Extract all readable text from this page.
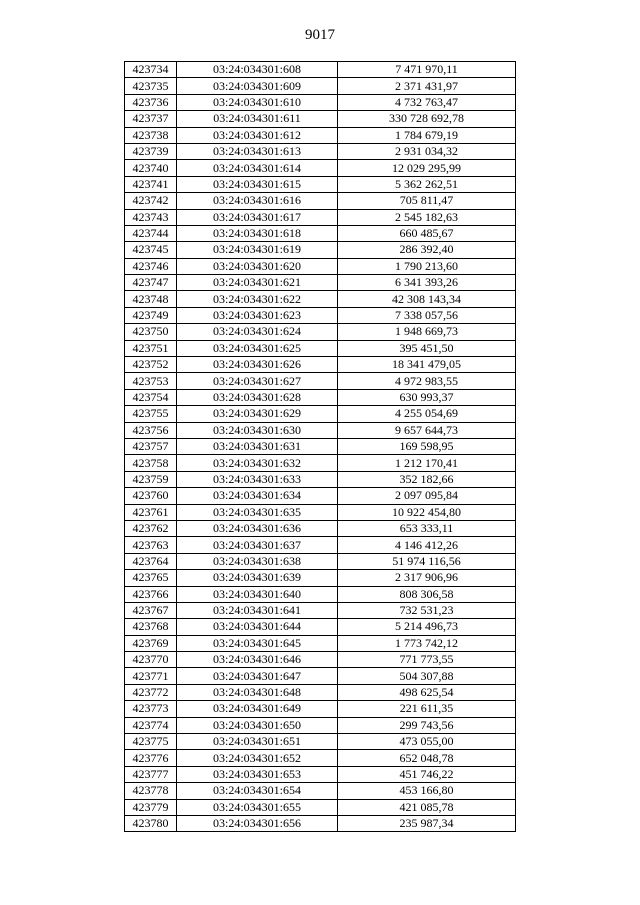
9017
423734	03:24:034301:608	7 471 970,11
423735	03:24:034301:609	2 371 431,97
423736	03:24:034301:610	4 732 763,47
423737	03:24:034301:611	330 728 692,78
423738	03:24:034301:612	1 784 679,19
423739	03:24:034301:613	2 931 034,32
423740	03:24:034301:614	12 029 295,99
423741	03:24:034301:615	5 362 262,51
423742	03:24:034301:616	705 811,47
423743	03:24:034301:617	2 545 182,63
423744	03:24:034301:618	660 485,67
423745	03:24:034301:619	286 392,40
423746	03:24:034301:620	1 790 213,60
423747	03:24:034301:621	6 341 393,26
423748	03:24:034301:622	42 308 143,34
423749	03:24:034301:623	7 338 057,56
423750	03:24:034301:624	1 948 669,73
423751	03:24:034301:625	395 451,50
423752	03:24:034301:626	18 341 479,05
423753	03:24:034301:627	4 972 983,55
423754	03:24:034301:628	630 993,37
423755	03:24:034301:629	4 255 054,69
423756	03:24:034301:630	9 657 644,73
423757	03:24:034301:631	169 598,95
423758	03:24:034301:632	1 212 170,41
423759	03:24:034301:633	352 182,66
423760	03:24:034301:634	2 097 095,84
423761	03:24:034301:635	10 922 454,80
423762	03:24:034301:636	653 333,11
423763	03:24:034301:637	4 146 412,26
423764	03:24:034301:638	51 974 116,56
423765	03:24:034301:639	2 317 906,96
423766	03:24:034301:640	808 306,58
423767	03:24:034301:641	732 531,23
423768	03:24:034301:644	5 214 496,73
423769	03:24:034301:645	1 773 742,12
423770	03:24:034301:646	771 773,55
423771	03:24:034301:647	504 307,88
423772	03:24:034301:648	498 625,54
423773	03:24:034301:649	221 611,35
423774	03:24:034301:650	299 743,56
423775	03:24:034301:651	473 055,00
423776	03:24:034301:652	652 048,78
423777	03:24:034301:653	451 746,22
423778	03:24:034301:654	453 166,80
423779	03:24:034301:655	421 085,78
423780	03:24:034301:656	235 987,34
